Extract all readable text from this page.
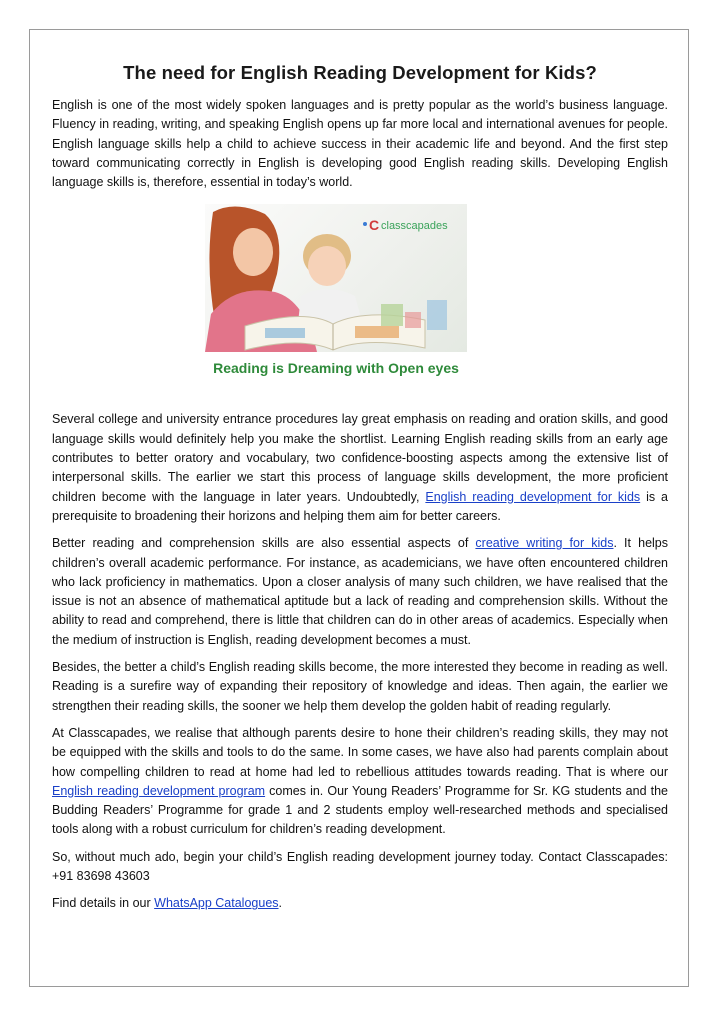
The need for English Reading Development for Kids?

English is one of the most widely spoken languages and is pretty popular as the world’s business language. Fluency in reading, writing, and speaking English opens up far more local and international avenues for people. English language skills help a child to achieve success in their academic life and beyond. And the first step toward communicating correctly in English is developing good English reading skills. Developing English language skills is, therefore, essential in today’s world.

C classcapades
Reading is Dreaming with Open eyes

Several college and university entrance procedures lay great emphasis on reading and oration skills, and good language skills would definitely help you make the shortlist. Learning English reading skills from an early age contributes to better oratory and vocabulary, two confidence-boosting aspects among the extensive list of interpersonal skills. The earlier we start this process of language skills development, the more proficient children become with the language in later years. Undoubtedly, English reading development for kids is a prerequisite to broadening their horizons and helping them aim for better careers.

Better reading and comprehension skills are also essential aspects of creative writing for kids. It helps children’s overall academic performance. For instance, as academicians, we have often encountered children who lack proficiency in mathematics. Upon a closer analysis of many such children, we have realised that the issue is not an absence of mathematical aptitude but a lack of reading and comprehension skills. Without the ability to read and comprehend, there is little that children can do in other areas of academics. Especially when the medium of instruction is English, reading development becomes a must.

Besides, the better a child’s English reading skills become, the more interested they become in reading as well. Reading is a surefire way of expanding their repository of knowledge and ideas. Then again, the earlier we strengthen their reading skills, the sooner we help them develop the golden habit of reading regularly.

At Classcapades, we realise that although parents desire to hone their children’s reading skills, they may not be equipped with the skills and tools to do the same. In some cases, we have also had parents complain about how compelling children to read at home had led to rebellious attitudes towards reading. That is where our English reading development program comes in. Our Young Readers’ Programme for Sr. KG students and the Budding Readers’ Programme for grade 1 and 2 students employ well-researched methods and specialised tools along with a robust curriculum for children’s reading development.

So, without much ado, begin your child’s English reading development journey today. Contact Classcapades: +91 83698 43603

Find details in our WhatsApp Catalogues.
